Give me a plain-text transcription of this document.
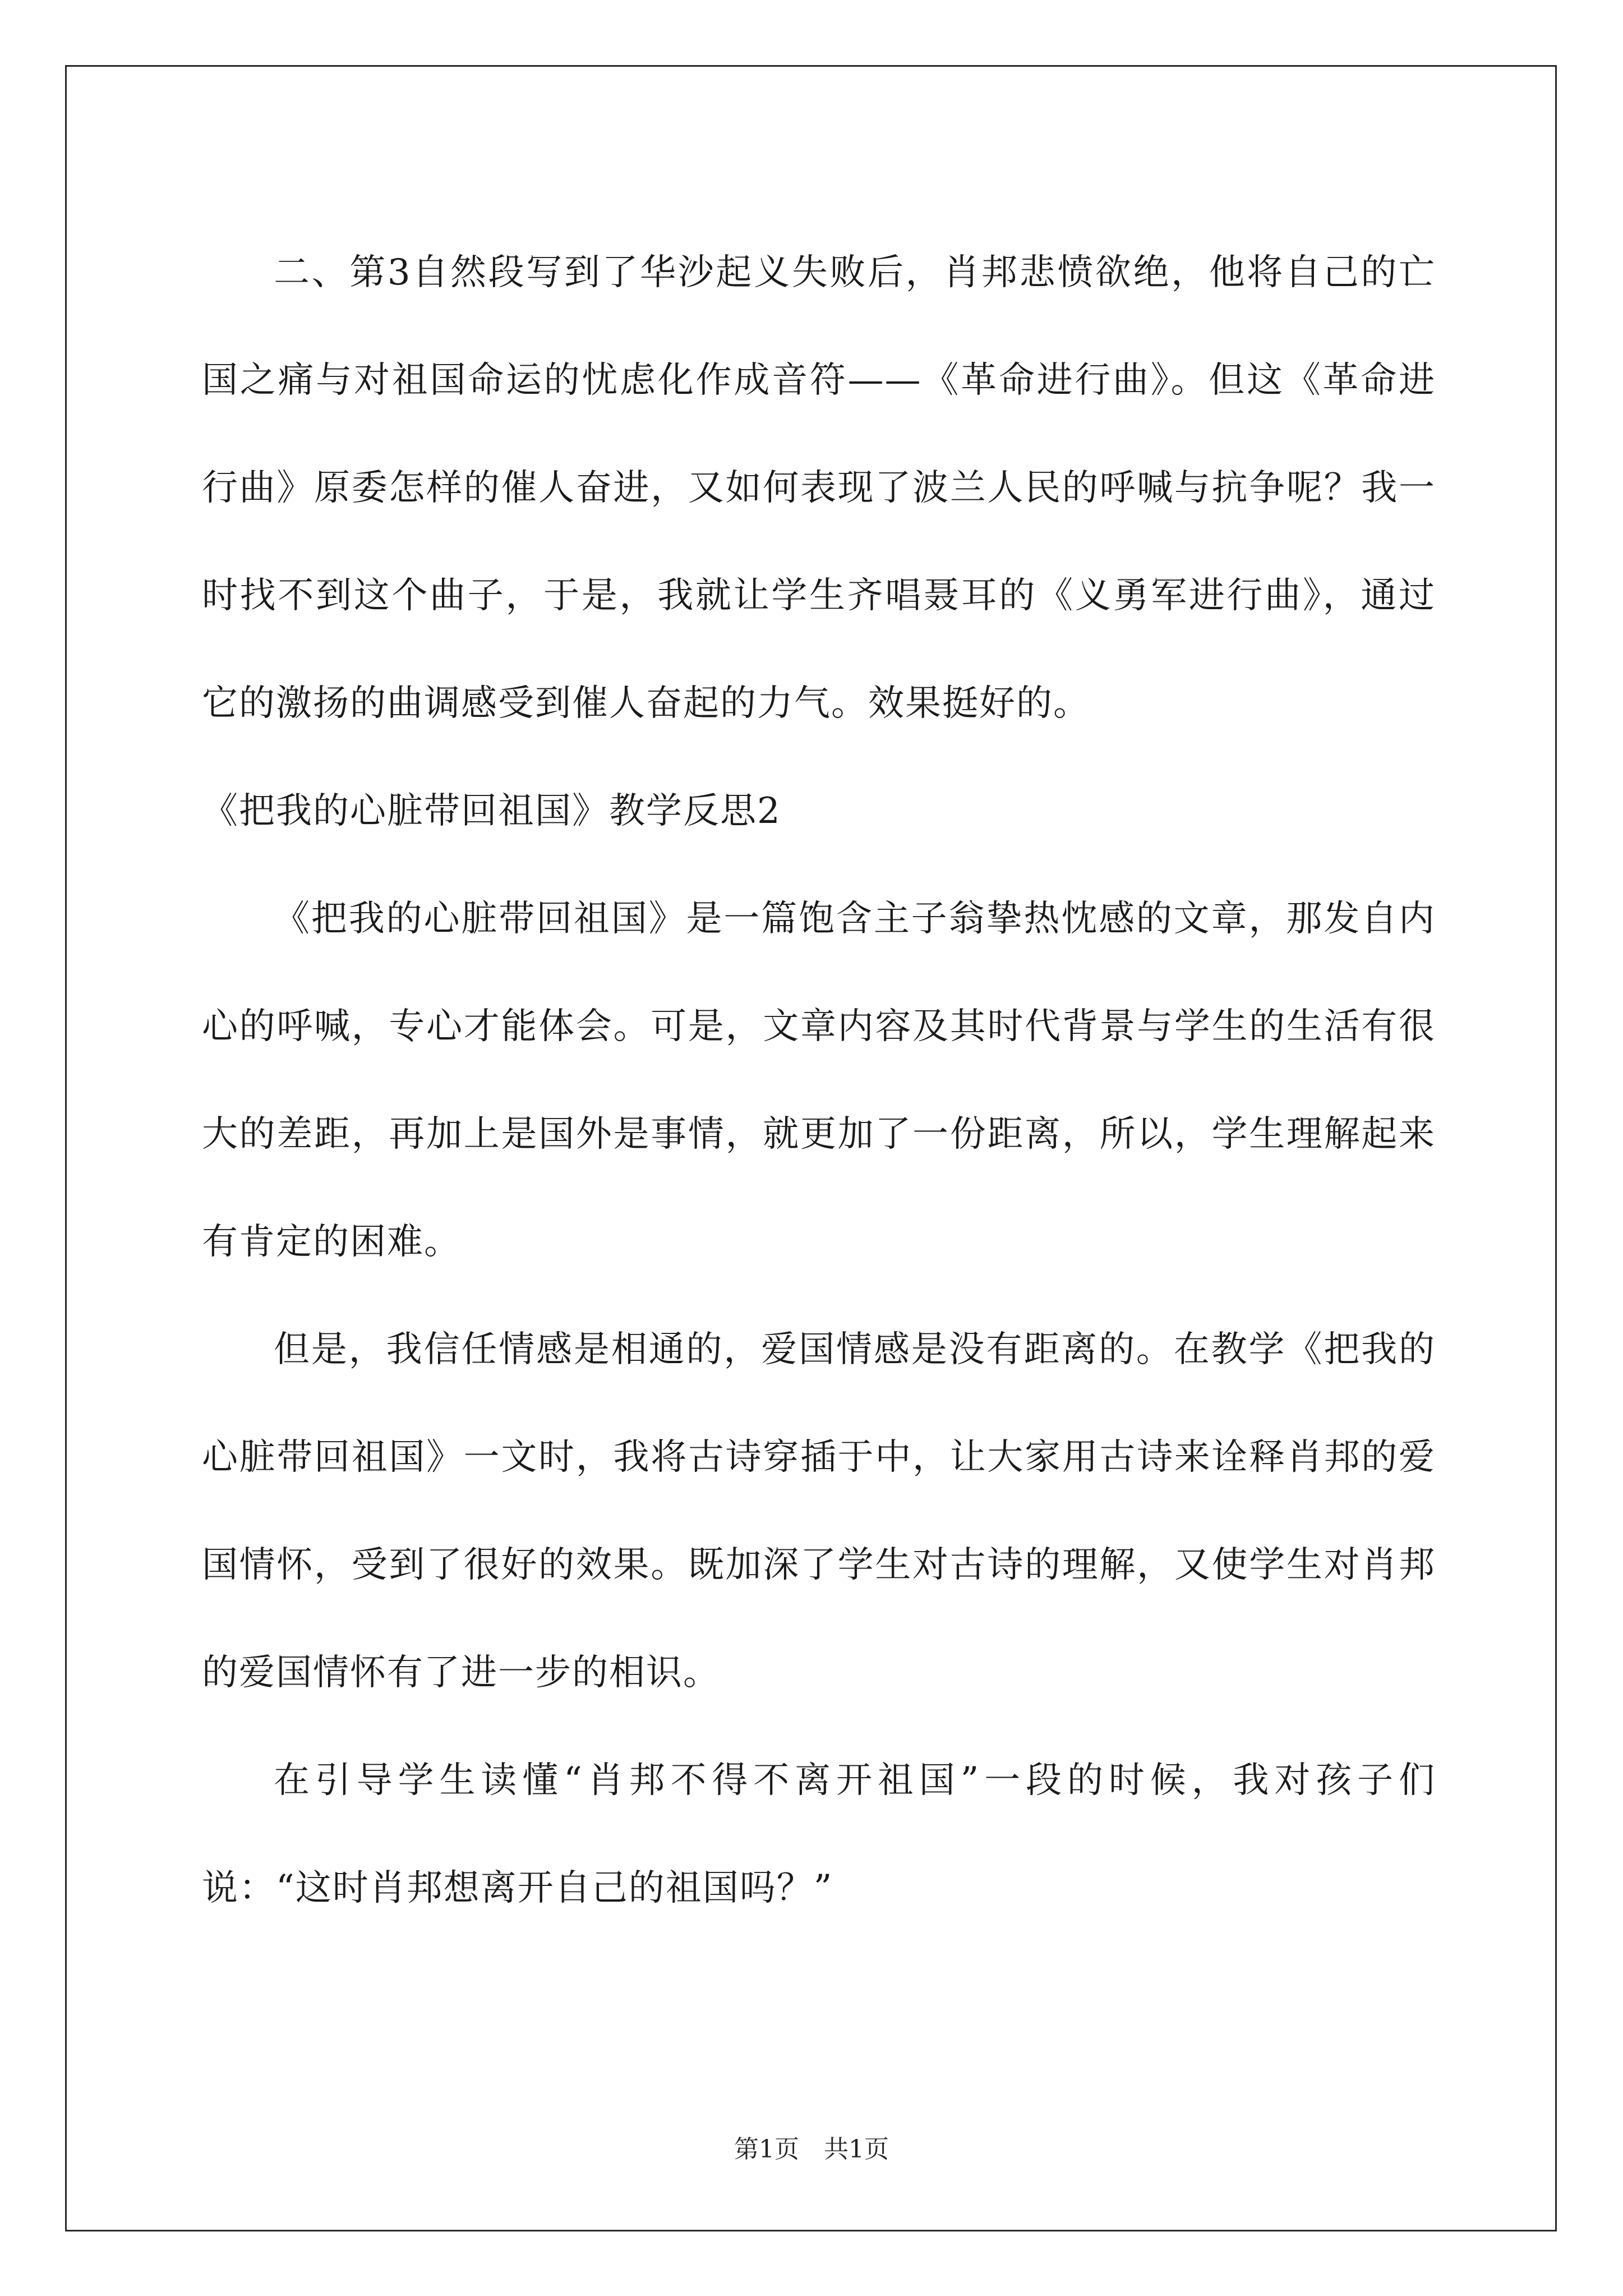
二、第3自然段写到了华沙起义失败后，肖邦悲愤欲绝，他将自己的亡国之痛与对祖国命运的忧虑化作成音符——《革命进行曲》。但这《革命进行曲》原委怎样的催人奋进，又如何表现了波兰人民的呼喊与抗争呢？我一时找不到这个曲子，于是，我就让学生齐唱聂耳的《义勇军进行曲》，通过它的激扬的曲调感受到催人奋起的力气。效果挺好的。

《把我的心脏带回祖国》教学反思2

《把我的心脏带回祖国》是一篇饱含主子翁挚热忱感的文章，那发自内心的呼喊，专心才能体会。可是，文章内容及其时代背景与学生的生活有很大的差距，再加上是国外是事情，就更加了一份距离，所以，学生理解起来有肯定的困难。

但是，我信任情感是相通的，爱国情感是没有距离的。在教学《把我的心脏带回祖国》一文时，我将古诗穿插于中，让大家用古诗来诠释肖邦的爱国情怀，受到了很好的效果。既加深了学生对古诗的理解，又使学生对肖邦的爱国情怀有了进一步的相识。

在引导学生读懂“肖邦不得不离开祖国”一段的时候，我对孩子们说：“这时肖邦想离开自己的祖国吗？”

第1页 共1页
